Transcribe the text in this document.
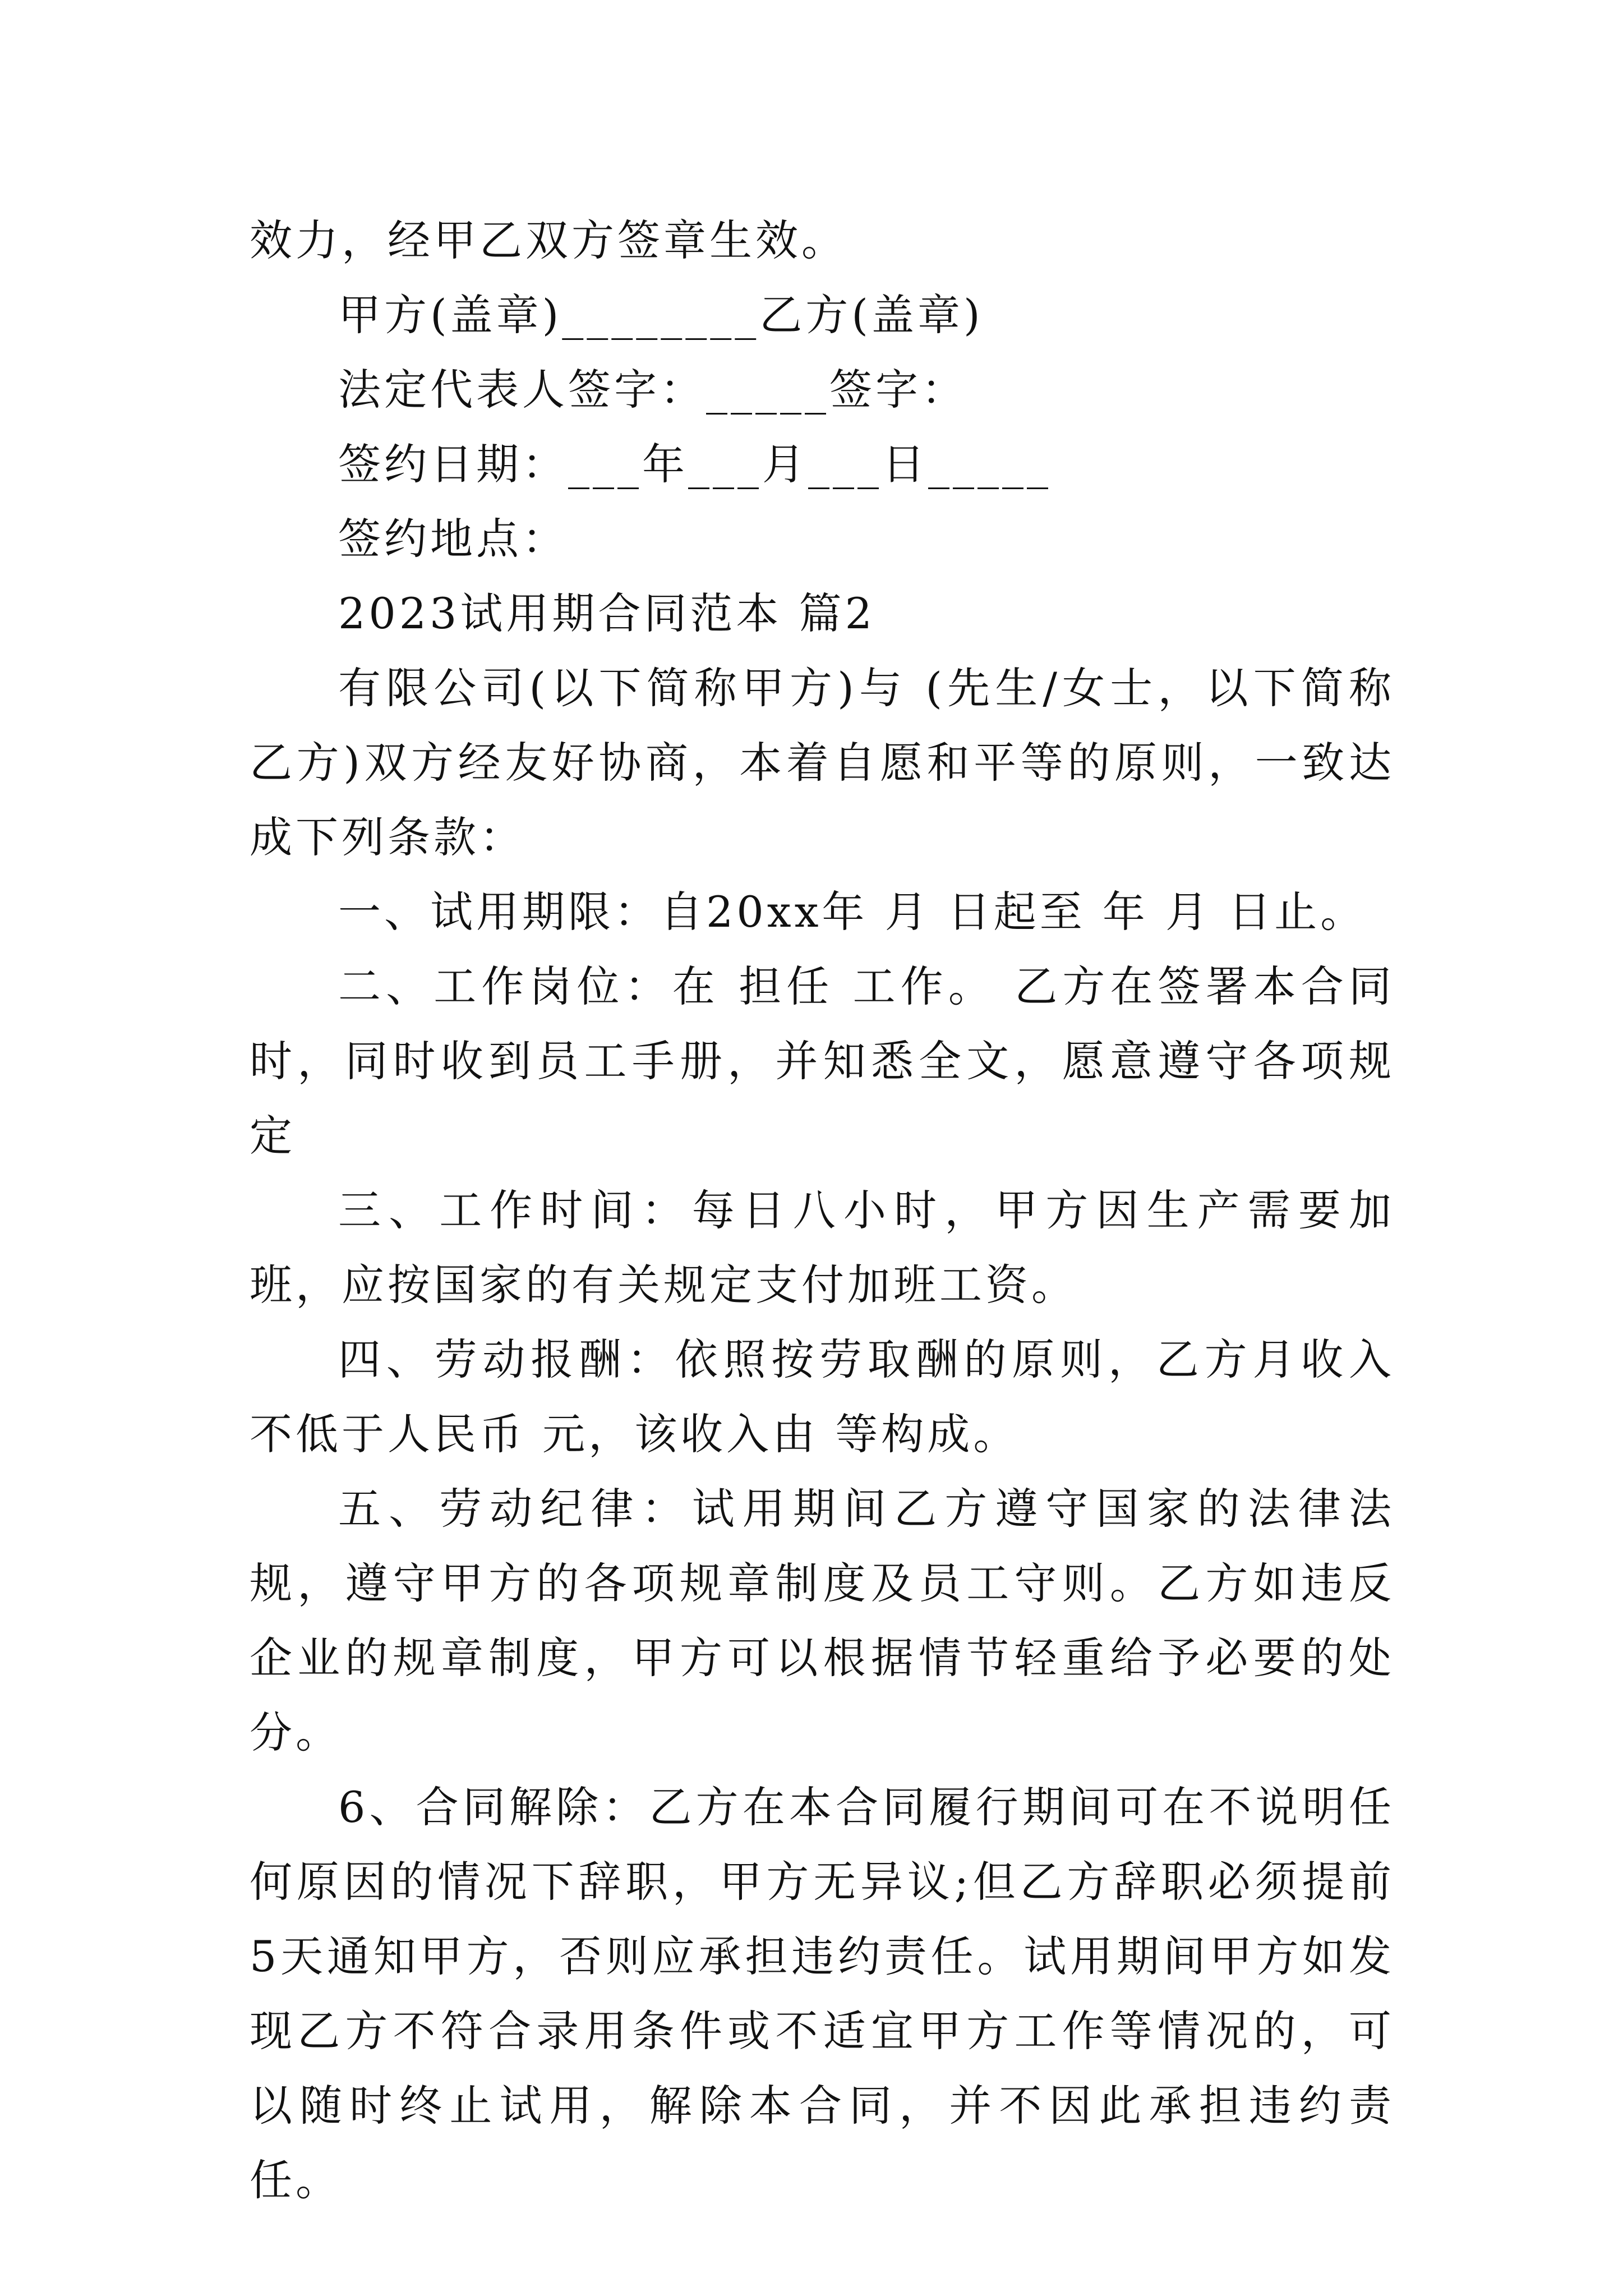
效力，经甲乙双方签章生效。

甲方(盖章)________乙方(盖章)

法定代表人签字：_____签字：

签约日期：___年___月___日_____

签约地点：

2023试用期合同范本 篇2

有限公司(以下简称甲方)与 (先生/女士，以下简称乙方)双方经友好协商，本着自愿和平等的原则，一致达成下列条款：

一、试用期限：自20xx年 月 日起至 年 月 日止。

二、工作岗位：在 担任 工作。 乙方在签署本合同时，同时收到员工手册，并知悉全文，愿意遵守各项规定

三、工作时间：每日八小时，甲方因生产需要加班，应按国家的有关规定支付加班工资。

四、劳动报酬：依照按劳取酬的原则，乙方月收入不低于人民币 元，该收入由 等构成。

五、劳动纪律：试用期间乙方遵守国家的法律法规，遵守甲方的各项规章制度及员工守则。乙方如违反企业的规章制度，甲方可以根据情节轻重给予必要的处分。

6、合同解除：乙方在本合同履行期间可在不说明任何原因的情况下辞职，甲方无异议;但乙方辞职必须提前5天通知甲方，否则应承担违约责任。试用期间甲方如发现乙方不符合录用条件或不适宜甲方工作等情况的，可以随时终止试用，解除本合同，并不因此承担违约责任。
